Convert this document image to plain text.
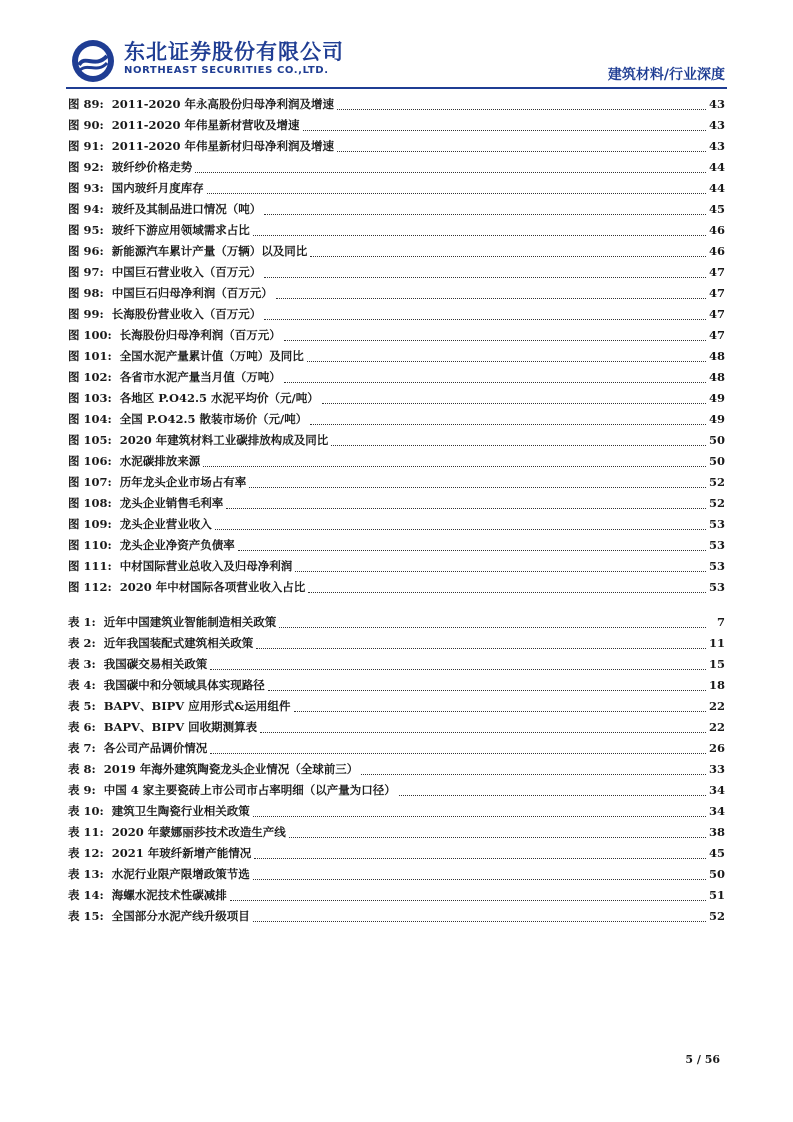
东北证券股份有限公司
NORTHEAST SECURITIES CO.,LTD.	建筑材料/行业深度
图 89: 2011-2020 年永高股份归母净利润及增速	43
图 90: 2011-2020 年伟星新材营收及增速	43
图 91: 2011-2020 年伟星新材归母净利润及增速	43
图 92: 玻纤纱价格走势	44
图 93: 国内玻纤月度库存	44
图 94: 玻纤及其制品进口情况（吨）	45
图 95: 玻纤下游应用领域需求占比	46
图 96: 新能源汽车累计产量（万辆）以及同比	46
图 97: 中国巨石营业收入（百万元）	47
图 98: 中国巨石归母净利润（百万元）	47
图 99: 长海股份营业收入（百万元）	47
图 100: 长海股份归母净利润（百万元）	47
图 101: 全国水泥产量累计值（万吨）及同比	48
图 102: 各省市水泥产量当月值（万吨）	48
图 103: 各地区 P.O42.5 水泥平均价（元/吨）	49
图 104: 全国 P.O42.5 散装市场价（元/吨）	49
图 105: 2020 年建筑材料工业碳排放构成及同比	50
图 106: 水泥碳排放来源	50
图 107: 历年龙头企业市场占有率	52
图 108: 龙头企业销售毛利率	52
图 109: 龙头企业营业收入	53
图 110: 龙头企业净资产负债率	53
图 111: 中材国际营业总收入及归母净利润	53
图 112: 2020 年中材国际各项营业收入占比	53
表 1: 近年中国建筑业智能制造相关政策	7
表 2: 近年我国装配式建筑相关政策	11
表 3: 我国碳交易相关政策	15
表 4: 我国碳中和分领域具体实现路径	18
表 5: BAPV、BIPV 应用形式&运用组件	22
表 6: BAPV、BIPV 回收期测算表	22
表 7: 各公司产品调价情况	26
表 8: 2019 年海外建筑陶瓷龙头企业情况（全球前三）	33
表 9: 中国 4 家主要瓷砖上市公司市占率明细（以产量为口径）	34
表 10: 建筑卫生陶瓷行业相关政策	34
表 11: 2020 年蒙娜丽莎技术改造生产线	38
表 12: 2021 年玻纤新增产能情况	45
表 13: 水泥行业限产限增政策节选	50
表 14: 海螺水泥技术性碳减排	51
表 15: 全国部分水泥产线升级项目	52
5 / 56
